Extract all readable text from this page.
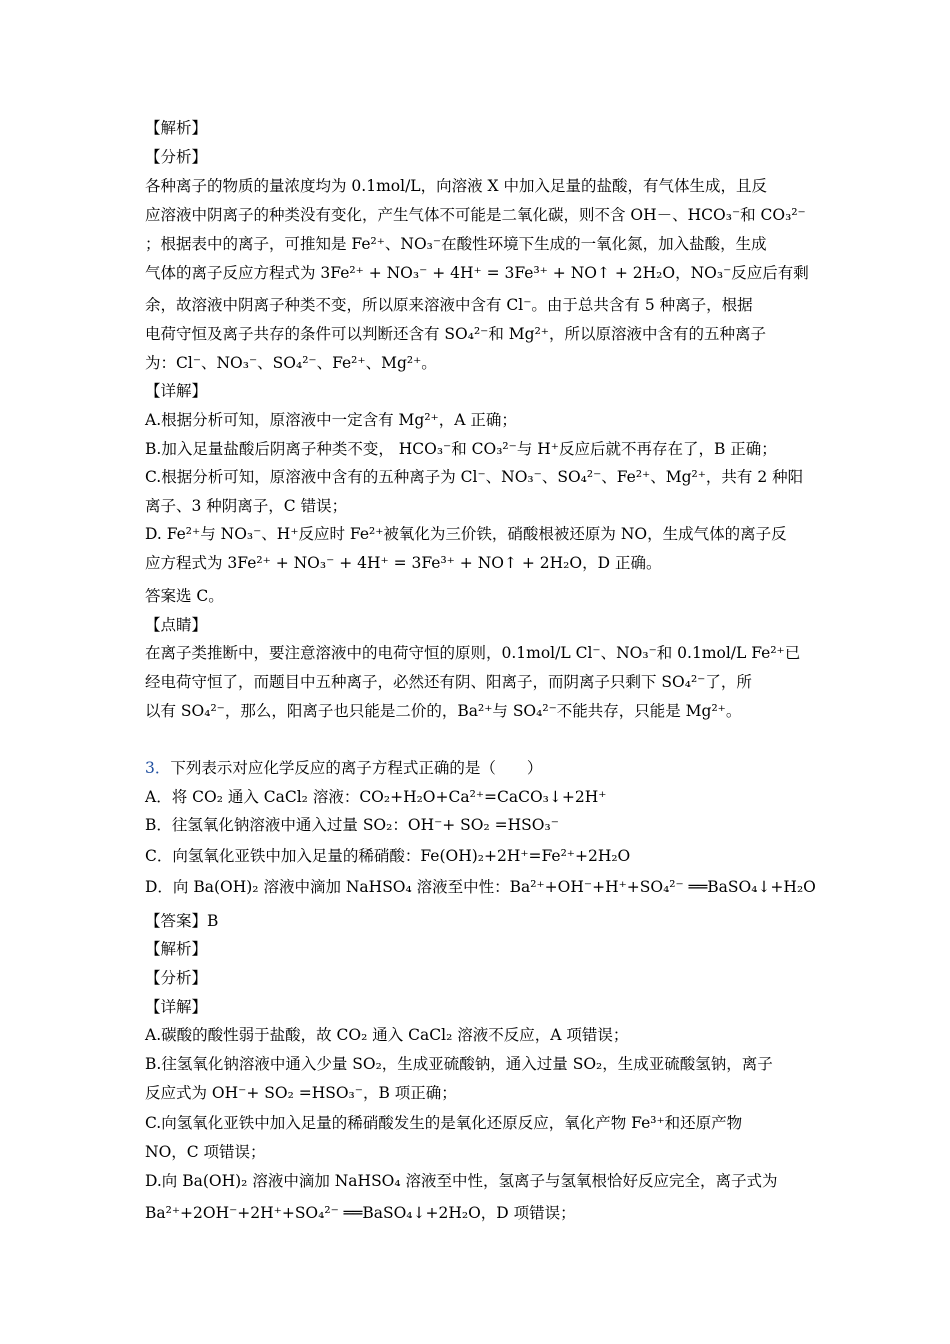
【解析】
【分析】
各种离子的物质的量浓度均为 0.1mol/L，向溶液 X 中加入足量的盐酸，有气体生成，且反
应溶液中阴离子的种类没有变化，产生气体不可能是二氧化碳，则不含 OH－、HCO₃⁻和 CO₃²⁻
；根据表中的离子，可推知是 Fe²⁺、NO₃⁻在酸性环境下生成的一氧化氮，加入盐酸，生成
气体的离子反应方程式为 3Fe²⁺ + NO₃⁻ + 4H⁺ = 3Fe³⁺ + NO↑ + 2H₂O，NO₃⁻反应后有剩
余，故溶液中阴离子种类不变，所以原来溶液中含有 Cl⁻。由于总共含有 5 种离子，根据
电荷守恒及离子共存的条件可以判断还含有 SO₄²⁻和 Mg²⁺，所以原溶液中含有的五种离子
为：Cl⁻、NO₃⁻、SO₄²⁻、Fe²⁺、Mg²⁺。
【详解】
A.根据分析可知，原溶液中一定含有 Mg²⁺，A 正确；
B.加入足量盐酸后阴离子种类不变， HCO₃⁻和 CO₃²⁻与 H⁺反应后就不再存在了，B 正确；
C.根据分析可知，原溶液中含有的五种离子为 Cl⁻、NO₃⁻、SO₄²⁻、Fe²⁺、Mg²⁺，共有 2 种阳
离子、3 种阴离子，C 错误；
D. Fe²⁺与 NO₃⁻、H⁺反应时 Fe²⁺被氧化为三价铁，硝酸根被还原为 NO，生成气体的离子反
应方程式为 3Fe²⁺ + NO₃⁻ + 4H⁺ = 3Fe³⁺ + NO↑ + 2H₂O，D 正确。
答案选 C。
【点睛】
在离子类推断中，要注意溶液中的电荷守恒的原则，0.1mol/L Cl⁻、NO₃⁻和 0.1mol/L Fe²⁺已
经电荷守恒了，而题目中五种离子，必然还有阴、阳离子，而阴离子只剩下 SO₄²⁻了，所
以有 SO₄²⁻，那么，阳离子也只能是二价的，Ba²⁺与 SO₄²⁻不能共存，只能是 Mg²⁺。
3．下列表示对应化学反应的离子方程式正确的是（　　）
A．将 CO₂ 通入 CaCl₂ 溶液：CO₂+H₂O+Ca²⁺=CaCO₃↓+2H⁺
B．往氢氧化钠溶液中通入过量 SO₂：OH⁻+ SO₂ =HSO₃⁻
C．向氢氧化亚铁中加入足量的稀硝酸：Fe(OH)₂+2H⁺=Fe²⁺+2H₂O
D．向 Ba(OH)₂ 溶液中滴加 NaHSO₄ 溶液至中性：Ba²⁺+OH⁻+H⁺+SO₄²⁻ ══BaSO₄↓+H₂O
【答案】B
【解析】
【分析】
【详解】
A.碳酸的酸性弱于盐酸，故 CO₂ 通入 CaCl₂ 溶液不反应，A 项错误；
B.往氢氧化钠溶液中通入少量 SO₂，生成亚硫酸钠，通入过量 SO₂，生成亚硫酸氢钠，离子
反应式为 OH⁻+ SO₂ =HSO₃⁻，B 项正确；
C.向氢氧化亚铁中加入足量的稀硝酸发生的是氧化还原反应，氧化产物 Fe³⁺和还原产物
NO，C 项错误；
D.向 Ba(OH)₂ 溶液中滴加 NaHSO₄ 溶液至中性，氢离子与氢氧根恰好反应完全，离子式为
Ba²⁺+2OH⁻+2H⁺+SO₄²⁻ ══BaSO₄↓+2H₂O，D 项错误；
